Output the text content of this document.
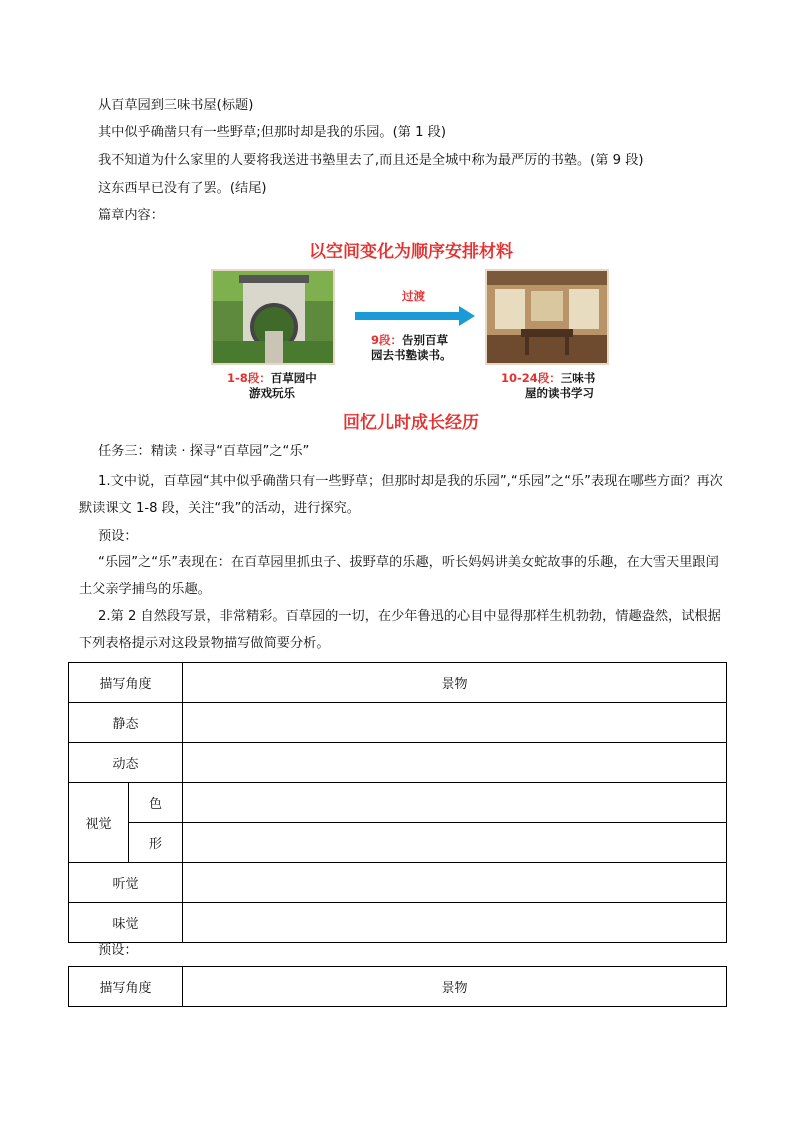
从百草园到三味书屋(标题)
其中似乎确凿只有一些野草;但那时却是我的乐园。(第 1 段)
我不知道为什么家里的人要将我送进书塾里去了,而且还是全城中称为最严厉的书塾。(第 9 段)
这东西早已没有了罢。(结尾)
篇章内容：
以空间变化为顺序安排材料
过渡
9段：告别百草
园去书塾读书。
1-8段：百草园中
游戏玩乐
10-24段：三味书
屋的读书学习
回忆儿时成长经历
任务三：精读 · 探寻“百草园”之“乐”
1.文中说，百草园“其中似乎确凿只有一些野草；但那时却是我的乐园”,“乐园”之“乐”表现在哪些方面？再次默读课文 1-8 段，关注“我”的活动，进行探究。
预设：
“乐园”之“乐”表现在：在百草园里抓虫子、拔野草的乐趣，听长妈妈讲美女蛇故事的乐趣，在大雪天里跟闰土父亲学捕鸟的乐趣。
2.第 2 自然段写景，非常精彩。百草园的一切，在少年鲁迅的心目中显得那样生机勃勃，情趣盎然，试根据下列表格提示对这段景物描写做简要分析。
描写角度		景物
静态		
动态		
视觉	色	
	形	
听觉		
味觉		
预设：
描写角度	景物
